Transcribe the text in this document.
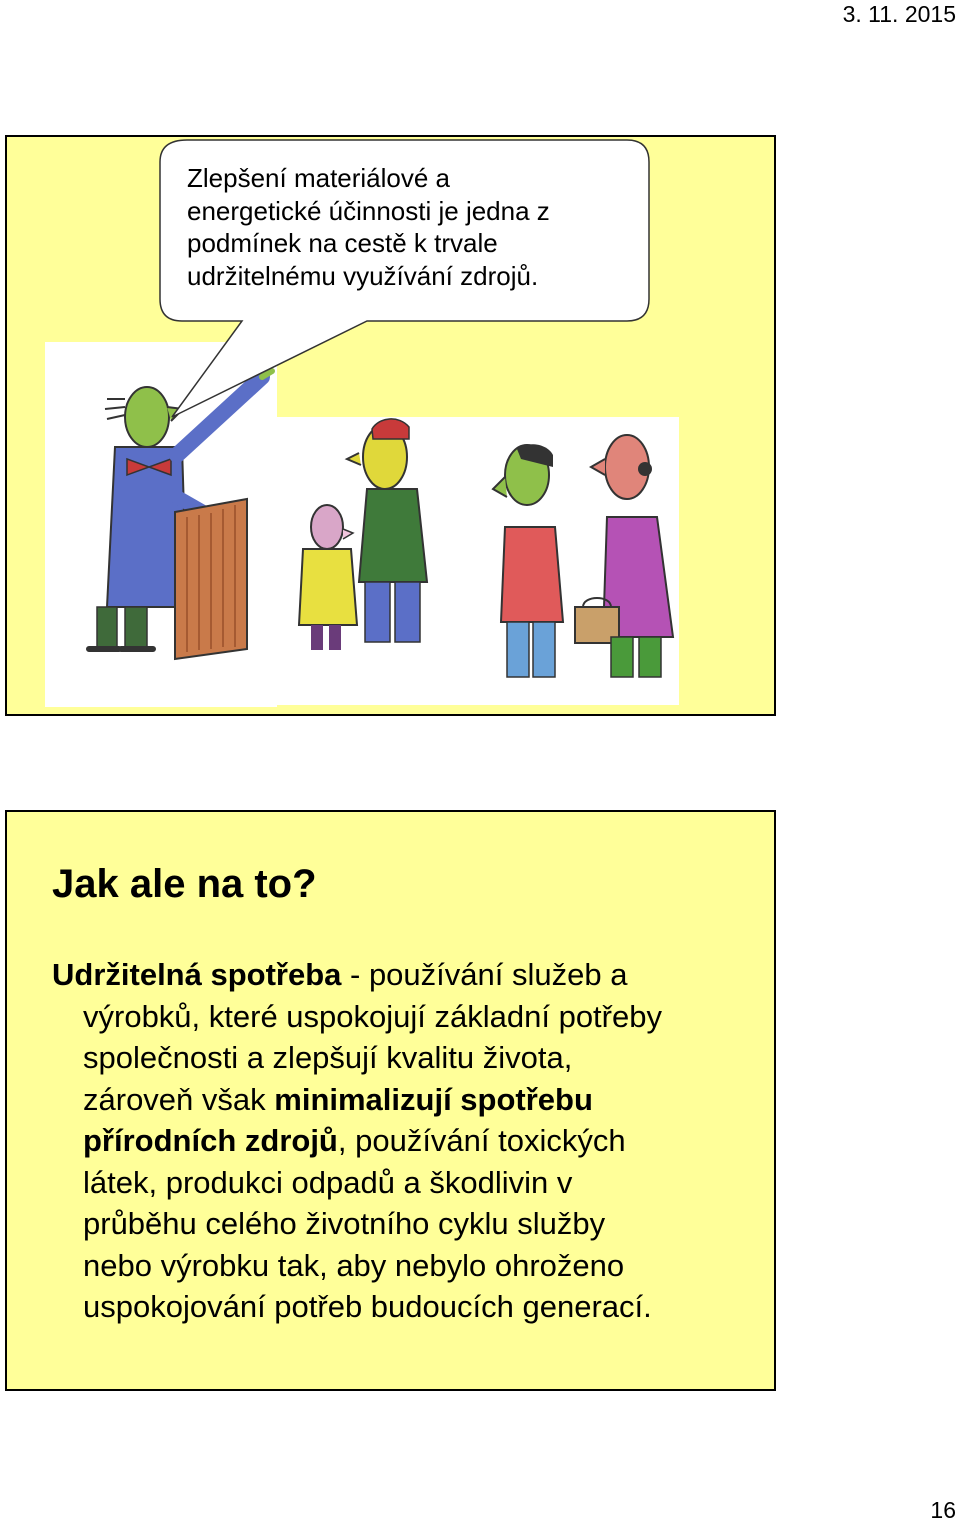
3. 11. 2015
Zlepšení materiálové a
energetické účinnosti je jedna z
podmínek na cestě k trvale
udržitelnému využívání zdrojů.
Jak ale na to?
Udržitelná spotřeba - používání služeb a
výrobků, které uspokojují základní potřeby
společnosti a zlepšují kvalitu života,
zároveň však minimalizují spotřebu
přírodních zdrojů, používání toxických
látek, produkci odpadů a škodlivin v
průběhu celého životního cyklu služby
nebo výrobku tak, aby nebylo ohroženo
uspokojování potřeb budoucích generací.
16
